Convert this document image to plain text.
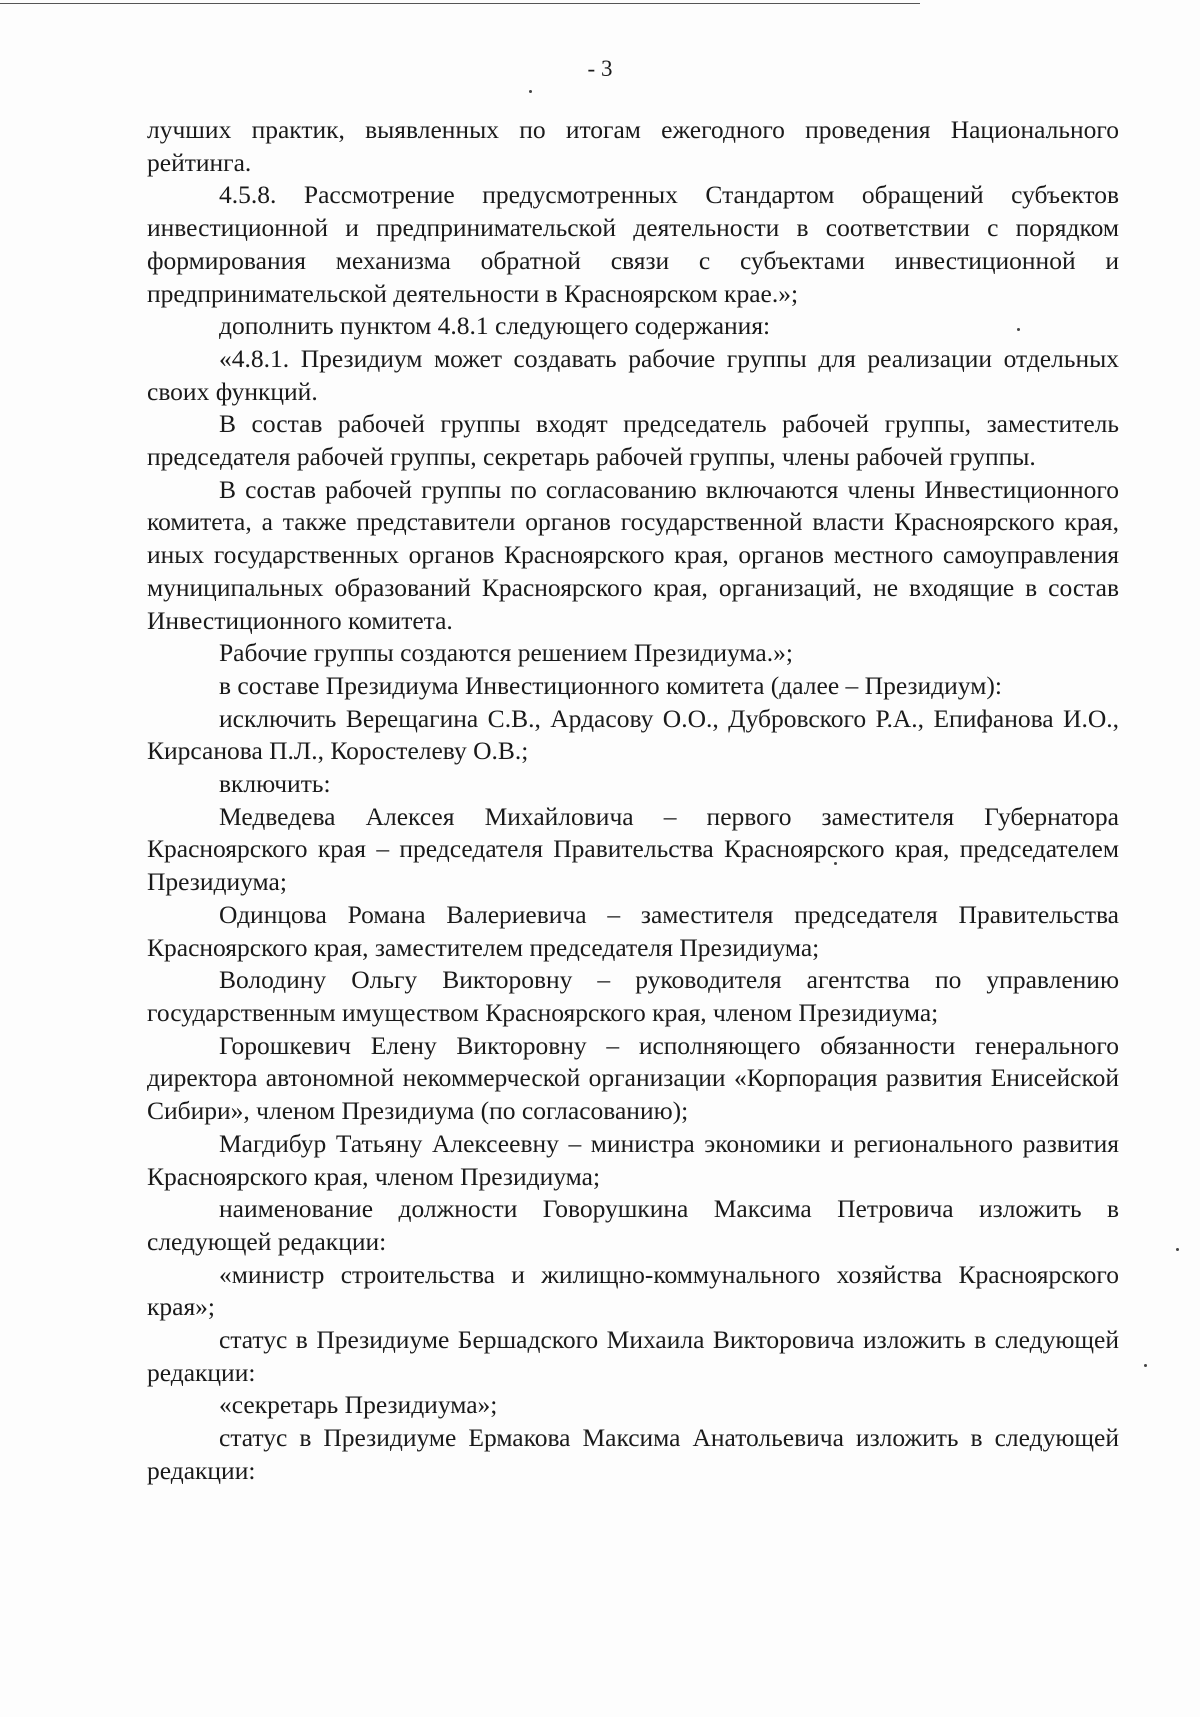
- 3

лучших практик, выявленных по итогам ежегодного проведения Национального рейтинга.

4.5.8. Рассмотрение предусмотренных Стандартом обращений субъектов инвестиционной и предпринимательской деятельности в соответствии с порядком формирования механизма обратной связи с субъектами инвестиционной и предпринимательской деятельности в Красноярском крае.»;

дополнить пунктом 4.8.1 следующего содержания:

«4.8.1. Президиум может создавать рабочие группы для реализации отдельных своих функций.

В состав рабочей группы входят председатель рабочей группы, заместитель председателя рабочей группы, секретарь рабочей группы, члены рабочей группы.

В состав рабочей группы по согласованию включаются члены Инвестиционного комитета, а также представители органов государственной власти Красноярского края, иных государственных органов Красноярского края, органов местного самоуправления муниципальных образований Красноярского края, организаций, не входящие в состав Инвестиционного комитета.

Рабочие группы создаются решением Президиума.»;

в составе Президиума Инвестиционного комитета (далее – Президиум):

исключить Верещагина С.В., Ардасову О.О., Дубровского Р.А., Епифанова И.О., Кирсанова П.Л., Коростелеву О.В.;

включить:

Медведева Алексея Михайловича – первого заместителя Губернатора Красноярского края – председателя Правительства Красноярского края, председателем Президиума;

Одинцова Романа Валериевича – заместителя председателя Правительства Красноярского края, заместителем председателя Президиума;

Володину Ольгу Викторовну – руководителя агентства по управлению государственным имуществом Красноярского края, членом Президиума;

Горошкевич Елену Викторовну – исполняющего обязанности генерального директора автономной некоммерческой организации «Корпорация развития Енисейской Сибири», членом Президиума (по согласованию);

Магдибур Татьяну Алексеевну – министра экономики и регионального развития Красноярского края, членом Президиума;

наименование должности Говорушкина Максима Петровича изложить в следующей редакции:

«министр строительства и жилищно-коммунального хозяйства Красноярского края»;

статус в Президиуме Бершадского Михаила Викторовича изложить в следующей редакции:

«секретарь Президиума»;

статус в Президиуме Ермакова Максима Анатольевича изложить в следующей редакции:
